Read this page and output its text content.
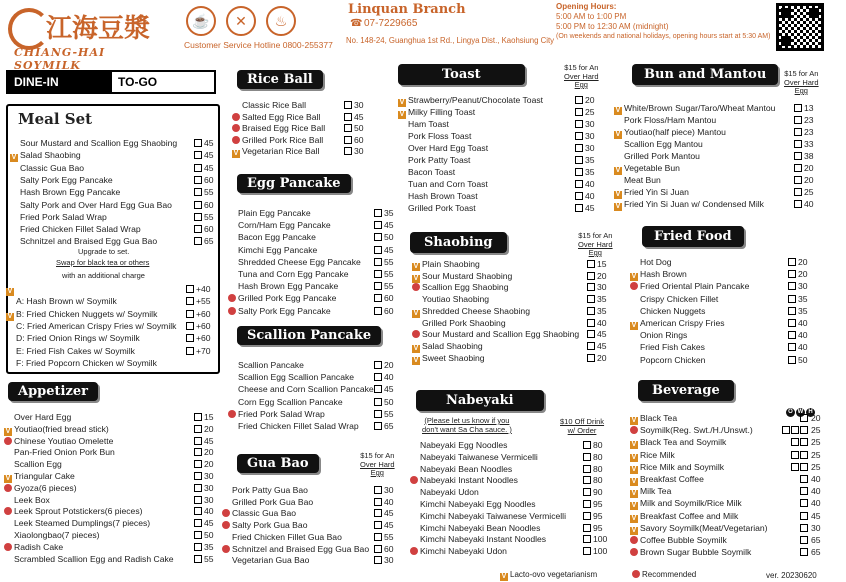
江海豆漿
CHIANG-HAI SOYMILK
☕ ✕ ♨
Customer Service Hotline 0800-255377
Linquan Branch
07-7229665
☎
No. 148-24, Guanghua 1st Rd., Lingya Dist., Kaohsiung City
Opening Hours:
5:00 AM to 1:00 PM
5:00 PM to 12:30 AM (midnight)
(On weekends and national holidays, opening hours start at 5:30 AM)
DINE-IN	TO-GO
Meal Set
Sour Mustard and Scallion Egg Shaobing	45
V Salad Shaobing	45
Classic Gua Bao	45
Salty Pork Egg Pancake	60
Hash Brown Egg Pancake	55
Salty Pork and Over Hard Egg Gua Bao	60
Fried Pork Salad Wrap	55
Fried Chicken Fillet Salad Wrap	60
Schnitzel and Braised Egg Gua Bao	65
Upgrade to set.
Swap for black tea or others
with an additional charge
V	+40
A: Hash Brown w/ Soymilk	+55
V B: Fried Chicken Nuggets w/ Soymilk	+60
C: Fried American Crispy Fries w/ Soymilk	+60
D: Fried Onion Rings w/ Soymilk	+60
E: Fried Fish Cakes w/ Soymilk	+70
F: Fried Popcorn Chicken w/ Soymilk
Appetizer
Over Hard Egg	15
V Youtiao(fried bread stick)	20
Chinese Youtiao Omelette	45
Pan-Fried Onion Pork Bun	20
Scallion Egg	20
V Triangular Cake	30
Gyoza(6 pieces)	30
Leek Box	30
Leek Sprout Potstickers(6 pieces)	40
Leek Steamed Dumplings(7 pieces)	45
Xiaolongbao(7 pieces)	50
Radish Cake	35
Scrambled Scallion Egg and Radish Cake	55
Rice Ball
Classic Rice Ball	30
Salted Egg Rice Ball	45
Braised Egg Rice Ball	50
Grilled Pork Rice Ball	60
V Vegetarian Rice Ball	30
Egg Pancake
Plain Egg Pancake	35
Corn/Ham Egg Pancake	45
Bacon Egg Pancake	50
Kimchi Egg Pancake	45
Shredded Cheese Egg Pancake	55
Tuna and Corn Egg Pancake	55
Hash Brown Egg Pancake	55
Grilled Pork Egg Pancake	60
Salty Pork Egg Pancake	60
Scallion Pancake
Scallion Pancake	20
Scallion Egg Scallion Pancake	40
Cheese and Corn Scallion Pancake	45
Corn Egg Scallion Pancake	50
Fried Pork Salad Wrap	55
Fried Chicken Fillet Salad Wrap	65
Gua Bao
$15 for An
Over Hard
Egg
Pork Patty Gua Bao	30
Grilled Pork Gua Bao	40
Classic Gua Bao	45
Salty Pork Gua Bao	45
Fried Chicken Fillet Gua Bao	55
Schnitzel and Braised Egg Gua Bao	60
Vegetarian Gua Bao	30
Toast	$15 for An
Over Hard
Egg
V Strawberry/Peanut/Chocolate Toast	20
V Milky Filling Toast	25
Ham Toast	30
Pork Floss Toast	30
Over Hard Egg Toast	30
Pork Patty Toast	35
Bacon Toast	35
Tuan and Corn Toast	40
Hash Brown Toast	40
Grilled Pork Toast	45
Shaobing	$15 for An
Over Hard
Egg
V Plain Shaobing	15
V Sour Mustard Shaobing	20
Scallion Egg Shaobing	30
Youtiao Shaobing	35
V Shredded Cheese Shaobing	35
Grilled Pork Shaobing	40
Sour Mustard and Scallion Egg Shaobing	45
V Salad Shaobing	45
V Sweet Shaobing	20
Nabeyaki
(Please let us know if you
don't want Sa Cha sauce. )
$10 Off Drink
w/ Order
Nabeyaki Egg Noodles	80
Nabeyaki Taiwanese Vermicelli	80
Nabeyaki Bean Noodles	80
Nabeyaki Instant Noodles	80
Nabeyaki Udon	90
Kimchi Nabeyaki Egg Noodles	95
Kimchi Nabeyaki Taiwanese Vermicelli	95
Kimchi Nabeyaki Bean Noodles	95
Kimchi Nabeyaki Instant Noodles	100
Kimchi Nabeyaki Udon	100
Bun and Mantou	$15 for An
Over Hard
Egg
V White/Brown Sugar/Taro/Wheat Mantou	13
Pork Floss/Ham Mantou	23
V Youtiao(half piece) Mantou	23
Scallion Egg Mantou	33
Grilled Pork Mantou	38
V Vegetable Bun	20
Meat Bun	20
V Fried Yin Si Juan	25
V Fried Yin Si Juan w/ Condensed Milk	40
Fried Food
Hot Dog	20
V Hash Brown	20
Fried Oriental Plain Pancake	30
Crispy Chicken Fillet	35
Chicken Nuggets	35
V American Crispy Fries	40
Onion Rings	40
Fried Fish Cakes	40
Popcorn Chicken	50
Beverage
O W H
V Black Tea	20
Soymilk(Reg. Swt./H./Unswt.)	25
V Black Tea and Soymilk	25
V Rice Milk	25
V Rice Milk and Soymilk	25
V Breakfast Coffee	40
V Milk Tea	40
V Milk and Soymilk/Rice Milk	40
V Breakfast Coffee and Milk	45
V Savory Soymilk(Meat/Vegetarian)	30
Coffee Bubble Soymilk	65
Brown Sugar Bubble Soymilk	65
V Lacto-ovo vegetarianism	Recommended	ver. 20230620
